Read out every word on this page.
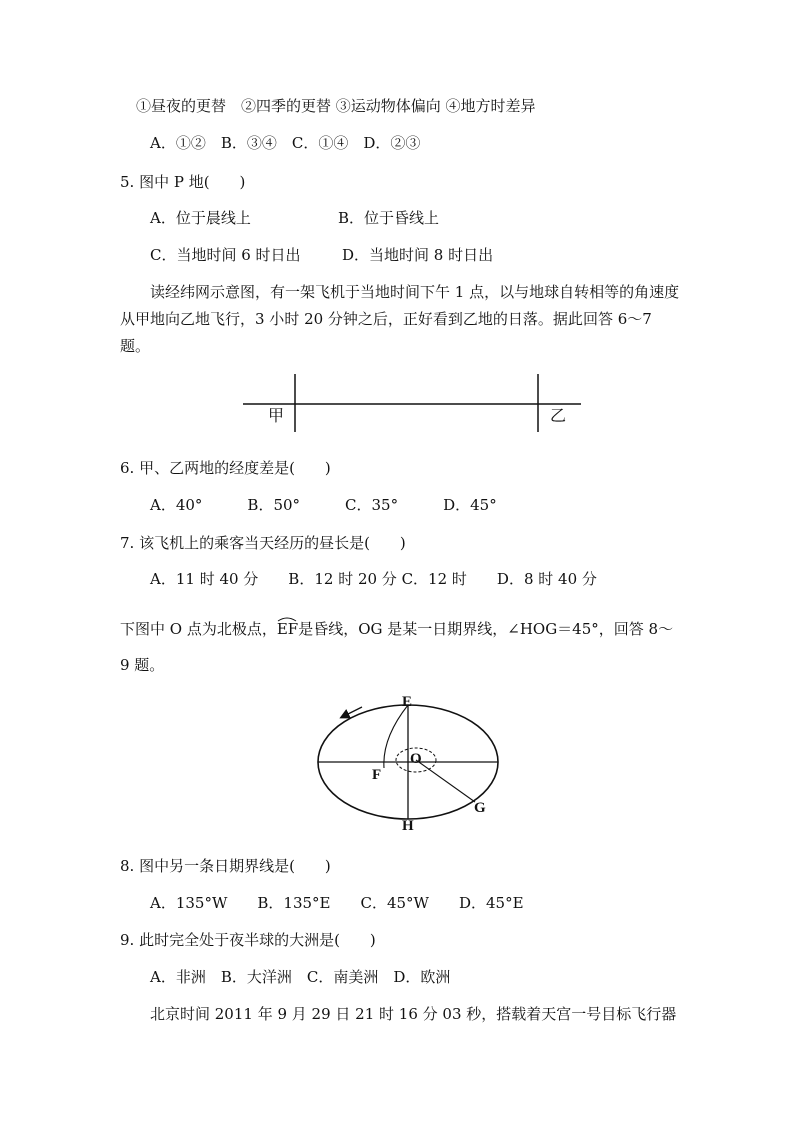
①昼夜的更替　②四季的更替 ③运动物体偏向 ④地方时差异
A．①②　B．③④　C．①④　D．②③
5. 图中 P 地(　　)
A．位于晨线上	B．位于昏线上
C．当地时间 6 时日出	D．当地时间 8 时日出
读经纬网示意图，有一架飞机于当地时间下午 1 点，以与地球自转相等的角速度从甲地向乙地飞行，3 小时 20 分钟之后，正好看到乙地的日落。据此回答 6～7 题。
甲	乙
6. 甲、乙两地的经度差是(　　)
A．40°　　　B．50°　　　C．35°　　　D．45°
7. 该飞机上的乘客当天经历的昼长是(　　)
A．11 时 40 分　　B．12 时 20 分 C．12 时　　D．8 时 40 分
下图中 O 点为北极点，
EF是昏线，OG 是某一日期界线，∠HOG＝45°，回答 8～
9 题。
E
O
F
G
H
8. 图中另一条日期界线是(　　)
A．135°W　　B．135°E　　C．45°W　　D．45°E
9. 此时完全处于夜半球的大洲是(　　)
A．非洲　B．大洋洲　C．南美洲　D．欧洲
北京时间 2011 年 9 月 29 日 21 时 16 分 03 秒，搭载着天宫一号目标飞行器
